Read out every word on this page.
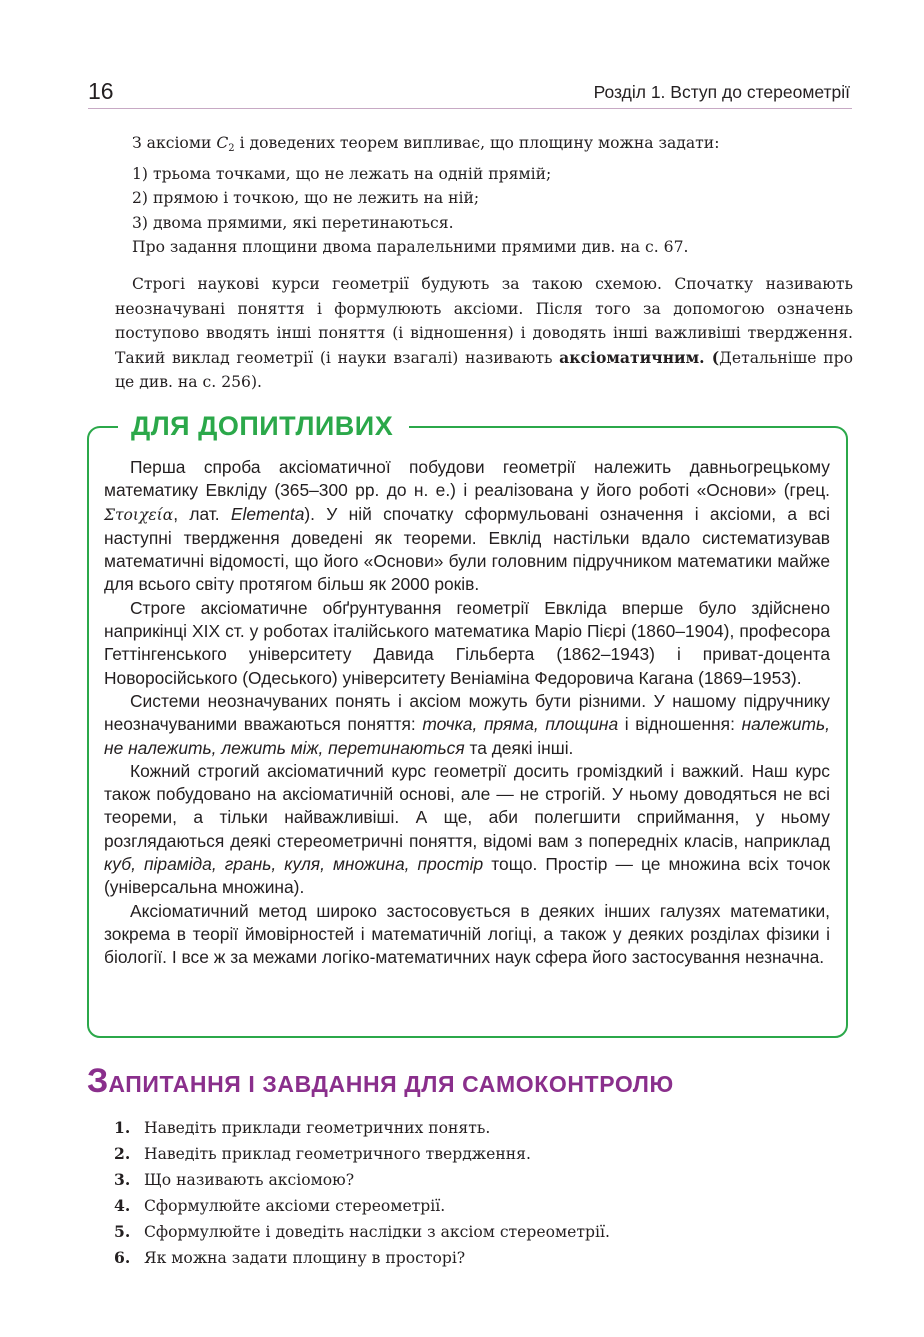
16	Розділ 1. Вступ до стереометрії
З аксіоми $C_2$ і доведених теорем випливає, що площину можна задати:
1) трьома точками, що не лежать на одній прямій;
2) прямою і точкою, що не лежить на ній;
3) двома прямими, які перетинаються.
Про задання площини двома паралельними прямими див. на с. 67.

Строгі наукові курси геометрії будують за такою схемою. Спочатку називають неозначувані поняття і формулюють аксіоми. Після того за допомогою означень поступово вводять інші поняття (і відношення) і доводять інші важливіші твердження. Такий виклад геометрії (і науки взагалі) називають аксіоматичним. (Детальніше про це див. на с. 256).

ДЛЯ ДОПИТЛИВИХ

Перша спроба аксіоматичної побудови геометрії належить давньогрецькому математику Евкліду (365–300 рр. до н. е.) і реалізована у його роботі «Основи» (грец. Στοιχεία, лат. Elementa). У ній спочатку сформульовані означення і аксіоми, а всі наступні твердження доведені як теореми. Евклід настільки вдало систематизував математичні відомості, що його «Основи» були головним підручником математики майже для всього світу протягом більш як 2000 років.

Строге аксіоматичне обґрунтування геометрії Евкліда вперше було здійснено наприкінці XIX ст. у роботах італійського математика Маріо Пієрі (1860–1904), професора Геттінгенського університету Давида Гільберта (1862–1943) і приват-доцента Новоросійського (Одеського) університету Веніаміна Федоровича Кагана (1869–1953).

Системи неозначуваних понять і аксіом можуть бути різними. У нашому підручнику неозначуваними вважаються поняття: точка, пряма, площина і відношення: належить, не належить, лежить між, перетинаються та деякі інші.

Кожний строгий аксіоматичний курс геометрії досить громіздкий і важкий. Наш курс також побудовано на аксіоматичній основі, але — не строгій. У ньому доводяться не всі теореми, а тільки найважливіші. А ще, аби полегшити сприймання, у ньому розглядаються деякі стереометричні поняття, відомі вам з попередніх класів, наприклад куб, піраміда, грань, куля, множина, простір тощо. Простір — це множина всіх точок (універсальна множина).

Аксіоматичний метод широко застосовується в деяких інших галузях математики, зокрема в теорії ймовірностей і математичній логіці, а також у деяких розділах фізики і біології. І все ж за межами логіко-математичних наук сфера його застосування незначна.

ЗАПИТАННЯ І ЗАВДАННЯ ДЛЯ САМОКОНТРОЛЮ
1. Наведіть приклади геометричних понять.
2. Наведіть приклад геометричного твердження.
3. Що називають аксіомою?
4. Сформулюйте аксіоми стереометрії.
5. Сформулюйте і доведіть наслідки з аксіом стереометрії.
6. Як можна задати площину в просторі?
